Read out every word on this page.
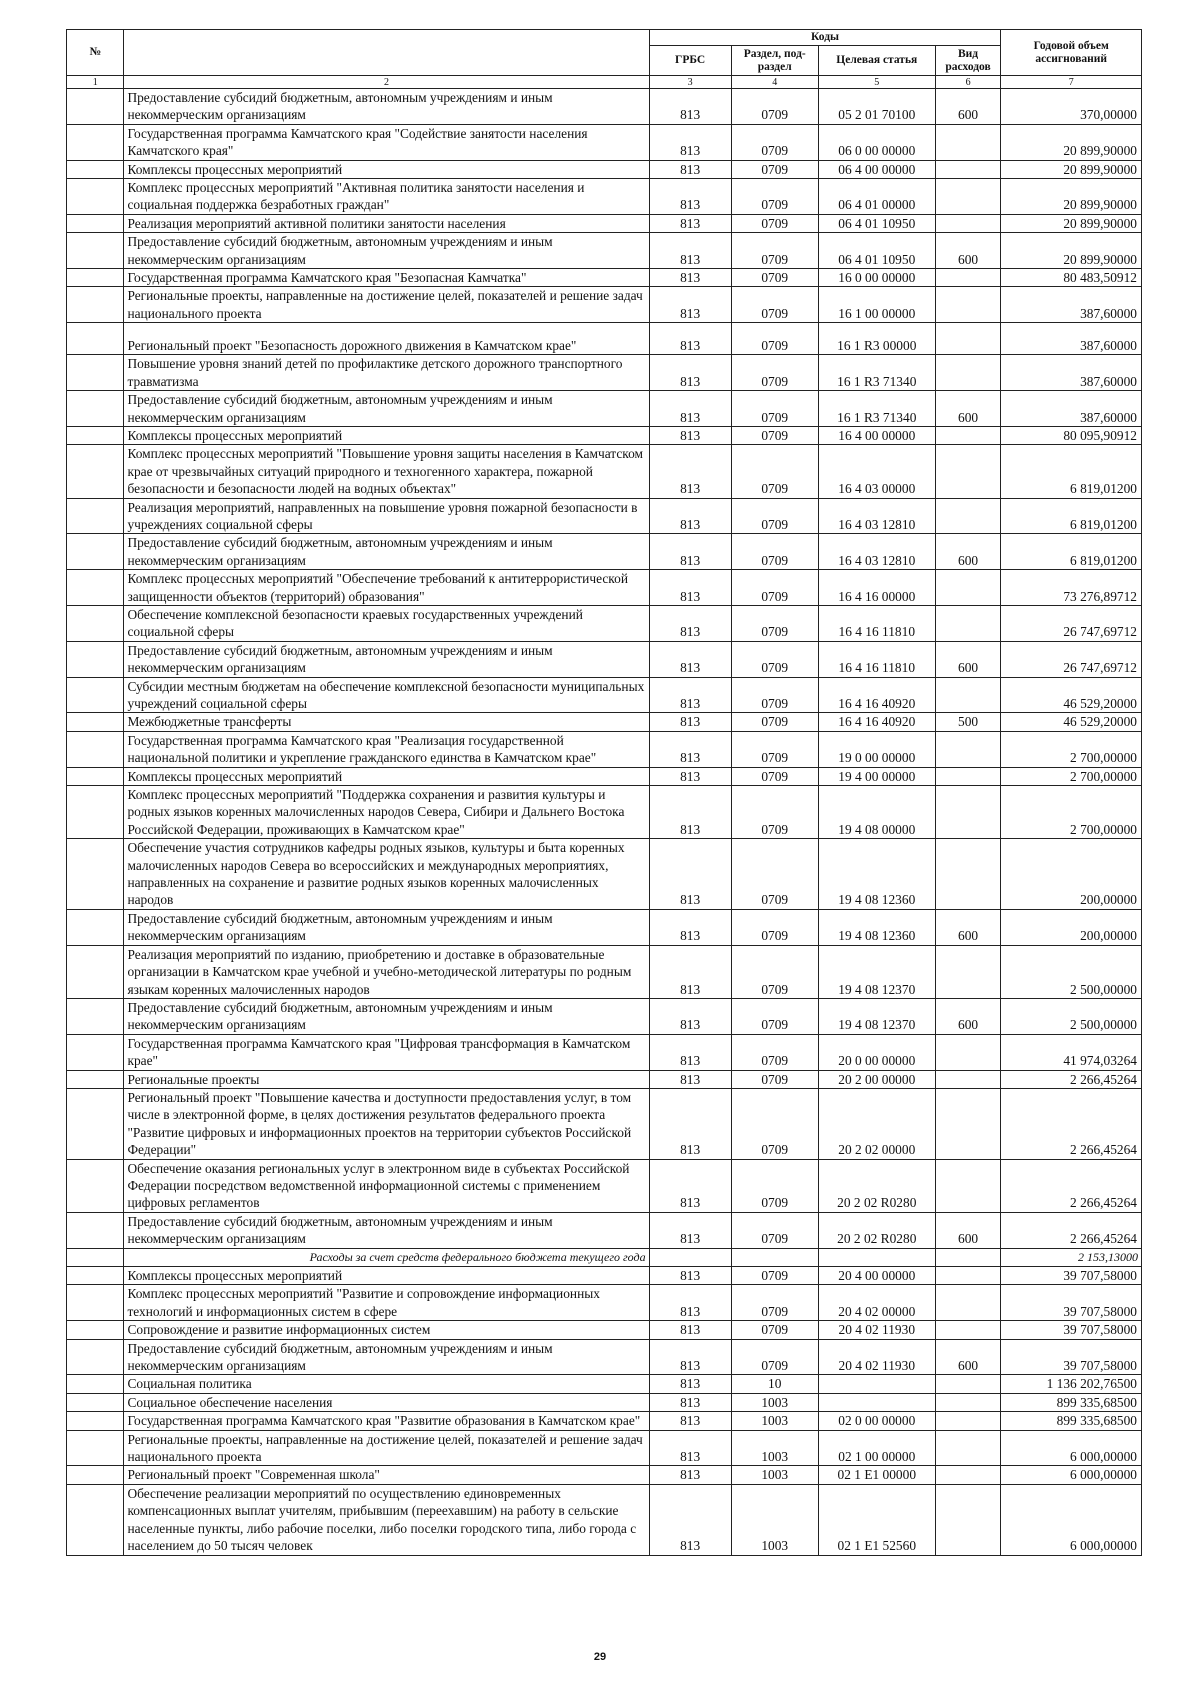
№		Коды				Годовой объем ассигнований
		ГРБС	Раздел, под-раздел	Целевая статья	Вид расходов	
1	2	3	4	5	6	7
	Предоставление субсидий бюджетным, автономным учреждениям и иным некоммерческим организациям	813	0709	05 2 01 70100	600	370,00000
	Государственная программа Камчатского края "Содействие занятости населения Камчатского края"	813	0709	06 0 00 00000		20 899,90000
	Комплексы процессных мероприятий	813	0709	06 4 00 00000		20 899,90000
	Комплекс процессных мероприятий "Активная политика занятости населения и социальная поддержка безработных граждан"	813	0709	06 4 01 00000		20 899,90000
	Реализация мероприятий активной политики занятости населения	813	0709	06 4 01 10950		20 899,90000
	Предоставление субсидий бюджетным, автономным учреждениям и иным некоммерческим организациям	813	0709	06 4 01 10950	600	20 899,90000
	Государственная программа Камчатского края "Безопасная Камчатка"	813	0709	16 0 00 00000		80 483,50912
	Региональные проекты, направленные на достижение целей, показателей и решение задач национального проекта	813	0709	16 1 00 00000		387,60000
	Региональный проект "Безопасность дорожного движения в Камчатском крае"	813	0709	16 1 R3 00000		387,60000
	Повышение уровня знаний детей по профилактике детского дорожного транспортного травматизма	813	0709	16 1 R3 71340		387,60000
	Предоставление субсидий бюджетным, автономным учреждениям и иным некоммерческим организациям	813	0709	16 1 R3 71340	600	387,60000
	Комплексы процессных мероприятий	813	0709	16 4 00 00000		80 095,90912
	Комплекс процессных мероприятий "Повышение уровня защиты населения в Камчатском крае от чрезвычайных ситуаций природного и техногенного характера, пожарной безопасности и безопасности людей на водных объектах"	813	0709	16 4 03 00000		6 819,01200
	Реализация мероприятий, направленных на повышение уровня пожарной безопасности в учреждениях социальной сферы	813	0709	16 4 03 12810		6 819,01200
	Предоставление субсидий бюджетным, автономным учреждениям и иным некоммерческим организациям	813	0709	16 4 03 12810	600	6 819,01200
	Комплекс процессных мероприятий "Обеспечение требований к антитеррористической защищенности объектов (территорий) образования"	813	0709	16 4 16 00000		73 276,89712
	Обеспечение комплексной безопасности краевых государственных учреждений социальной сферы	813	0709	16 4 16 11810		26 747,69712
	Предоставление субсидий бюджетным, автономным учреждениям и иным некоммерческим организациям	813	0709	16 4 16 11810	600	26 747,69712
	Субсидии местным бюджетам на обеспечение комплексной безопасности муниципальных учреждений социальной сферы	813	0709	16 4 16 40920		46 529,20000
	Межбюджетные трансферты	813	0709	16 4 16 40920	500	46 529,20000
	Государственная программа Камчатского края "Реализация государственной национальной политики и укрепление гражданского единства в Камчатском крае"	813	0709	19 0 00 00000		2 700,00000
	Комплексы процессных мероприятий	813	0709	19 4 00 00000		2 700,00000
	Комплекс процессных мероприятий "Поддержка сохранения и развития культуры и родных языков коренных малочисленных народов Севера, Сибири и Дальнего Востока Российской Федерации, проживающих в Камчатском крае"	813	0709	19 4 08 00000		2 700,00000
	Обеспечение участия сотрудников кафедры родных языков, культуры и быта коренных малочисленных народов Севера во всероссийских и международных мероприятиях, направленных на сохранение и развитие родных языков коренных малочисленных народов	813	0709	19 4 08 12360		200,00000
	Предоставление субсидий бюджетным, автономным учреждениям и иным некоммерческим организациям	813	0709	19 4 08 12360	600	200,00000
	Реализация мероприятий по изданию, приобретению и доставке в образовательные организации в Камчатском крае учебной и учебно-методической литературы по родным языкам коренных малочисленных народов	813	0709	19 4 08 12370		2 500,00000
	Предоставление субсидий бюджетным, автономным учреждениям и иным некоммерческим организациям	813	0709	19 4 08 12370	600	2 500,00000
	Государственная программа Камчатского края "Цифровая трансформация в Камчатском крае"	813	0709	20 0 00 00000		41 974,03264
	Региональные проекты	813	0709	20 2 00 00000		2 266,45264
	Региональный проект "Повышение качества и доступности предоставления услуг, в том числе в электронной форме, в целях достижения результатов федерального проекта "Развитие цифровых и информационных проектов на территории субъектов Российской Федерации"	813	0709	20 2 02 00000		2 266,45264
	Обеспечение оказания региональных услуг в электронном виде в субъектах Российской Федерации посредством ведомственной информационной системы с применением цифровых регламентов	813	0709	20 2 02 R0280		2 266,45264
	Предоставление субсидий бюджетным, автономным учреждениям и иным некоммерческим организациям	813	0709	20 2 02 R0280	600	2 266,45264
	Расходы за счет средств федерального бюджета текущего года					2 153,13000
	Комплексы процессных мероприятий	813	0709	20 4 00 00000		39 707,58000
	Комплекс процессных мероприятий "Развитие и сопровождение информационных технологий и информационных систем в сфере	813	0709	20 4 02 00000		39 707,58000
	Сопровождение и развитие информационных систем	813	0709	20 4 02 11930		39 707,58000
	Предоставление субсидий бюджетным, автономным учреждениям и иным некоммерческим организациям	813	0709	20 4 02 11930	600	39 707,58000
	Социальная политика	813	10			1 136 202,76500
	Социальное обеспечение населения	813	1003			899 335,68500
	Государственная программа Камчатского края "Развитие образования в Камчатском крае"	813	1003	02 0 00 00000		899 335,68500
	Региональные проекты, направленные на достижение целей, показателей и решение задач национального проекта	813	1003	02 1 00 00000		6 000,00000
	Региональный проект "Современная школа"	813	1003	02 1 E1 00000		6 000,00000
	Обеспечение реализации мероприятий по осуществлению единовременных компенсационных выплат учителям, прибывшим (переехавшим) на работу в сельские населенные пункты, либо рабочие поселки, либо поселки городского типа, либо города с населением до 50 тысяч человек	813	1003	02 1 E1 52560		6 000,00000
29
